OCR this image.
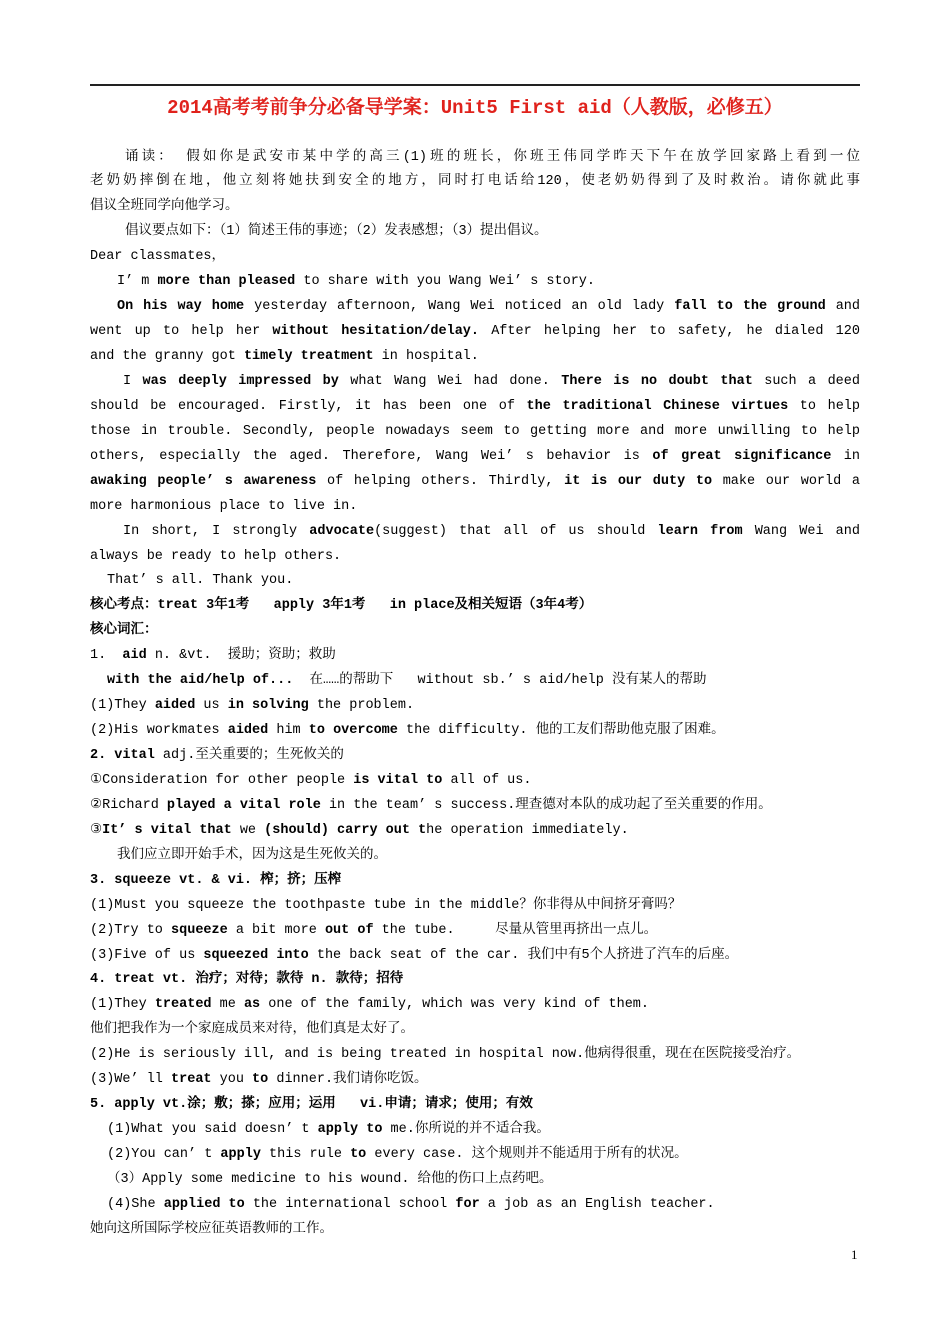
2014高考考前争分必备导学案：Unit5 First aid（人教版，必修五）
诵读： 假如你是武安市某中学的高三(1)班的班长，你班王伟同学昨天下午在放学回家路上看到一位
老奶奶摔倒在地，他立刻将她扶到安全的地方，同时打电话给120，使老奶奶得到了及时救治。请你就此事
倡议全班同学向他学习。
倡议要点如下：（1）简述王伟的事迹；（2）发表感想；（3）提出倡议。
Dear classmates，
I’ m more than pleased to share with you Wang Wei’ s story.
On his way home yesterday afternoon, Wang Wei noticed an old lady fall to the ground and
went up to help her without hesitation/delay. After helping her to safety, he dialed 120
and the granny got timely treatment in hospital.
I was deeply impressed by what Wang Wei had done. There is no doubt that such a deed
should be encouraged. Firstly, it has been one of the traditional Chinese virtues to help
those in trouble. Secondly, people nowadays seem to getting more and more unwilling to help
others, especially the aged. Therefore, Wang Wei’ s behavior is of great significance in
awaking people’ s awareness of helping others. Thirdly, it is our duty to make our world a
more harmonious place to live in.
In short, I strongly advocate(suggest) that all of us should learn from Wang Wei and
always be ready to help others.
That’ s all. Thank you.
核心考点：treat 3年1考   apply 3年1考   in place及相关短语（3年4考）
核心词汇：
1.  aid n. &vt.  援助；资助；救助
with the aid/help of...  在……的帮助下   without sb.’ s aid/help 没有某人的帮助
(1)They aided us in solving the problem.
(2)His workmates aided him to overcome the difficulty. 他的工友们帮助他克服了困难。
2. vital adj.至关重要的；生死攸关的
①Consideration for other people is vital to all of us.
②Richard played a vital role in the team’ s success.理查德对本队的成功起了至关重要的作用。
③It’ s vital that we (should) carry out the operation immediately.
我们应立即开始手术，因为这是生死攸关的。
3. squeeze vt. & vi. 榨；挤；压榨
(1)Must you squeeze the toothpaste tube in the middle？你非得从中间挤牙膏吗？
(2)Try to squeeze a bit more out of the tube.     尽量从管里再挤出一点儿。
(3)Five of us squeezed into the back seat of the car. 我们中有5个人挤进了汽车的后座。
4. treat vt. 治疗；对待；款待 n. 款待；招待
(1)They treated me as one of the family, which was very kind of them.
他们把我作为一个家庭成员来对待，他们真是太好了。
(2)He is seriously ill, and is being treated in hospital now.他病得很重，现在在医院接受治疗。
(3)We’ ll treat you to dinner.我们请你吃饭。
5. apply vt.涂；敷；搽；应用；运用   vi.申请；请求；使用；有效
(1)What you said doesn’ t apply to me.你所说的并不适合我。
(2)You can’ t apply this rule to every case. 这个规则并不能适用于所有的状况。
（3）Apply some medicine to his wound. 给他的伤口上点药吧。
(4)She applied to the international school for a job as an English teacher.
她向这所国际学校应征英语教师的工作。
1
